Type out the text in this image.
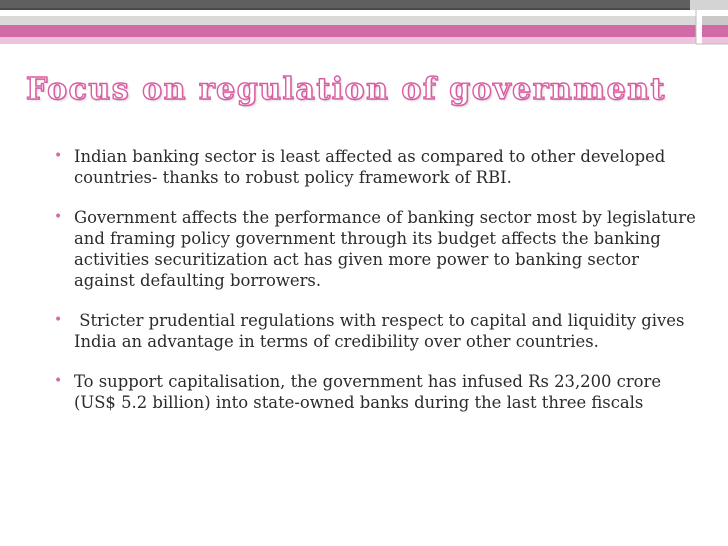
Focus on regulation of government
• Indian banking sector is least affected as compared to other developed countries- thanks to robust policy framework of RBI.
• Government affects the performance of banking sector most by legislature and framing policy government through its budget affects the banking activities securitization act has given more power to banking sector against defaulting borrowers.
• Stricter prudential regulations with respect to capital and liquidity gives India an advantage in terms of credibility over other countries.
• To support capitalisation, the government has infused Rs 23,200 crore  (US$ 5.2 billion) into state-owned banks during the last three fiscals
